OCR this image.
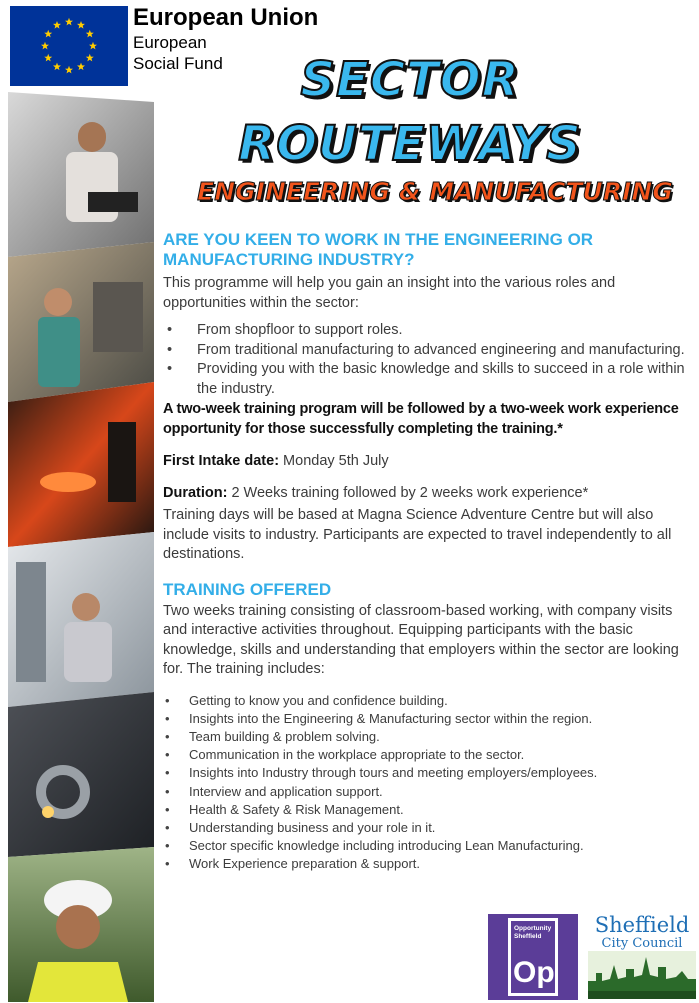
European Union
European
Social Fund	SECTOR
ROUTEWAYS
ENGINEERING & MANUFACTURING
ARE YOU KEEN TO WORK IN THE ENGINEERING OR MANUFACTURING INDUSTRY?
This programme will help you gain an insight into the various roles and opportunities within the sector:
• From shopfloor to support roles.
• From traditional manufacturing to advanced engineering and manufacturing.
• Providing you with the basic knowledge and skills to succeed in a role within the industry.
A two-week training program will be followed by a two-week work experience opportunity for those successfully completing the training.*
First Intake date: Monday 5th July
Duration: 2 Weeks training followed by 2 weeks work experience*
Training days will be based at Magna Science Adventure Centre but will also include visits to industry. Participants are expected to travel independently to all destinations.
TRAINING OFFERED
Two weeks training consisting of classroom-based working, with company visits and interactive activities throughout. Equipping participants with the basic knowledge, skills and understanding that employers within the sector are looking for. The training includes:
• Getting to know you and confidence building.
• Insights into the Engineering & Manufacturing sector within the region.
• Team building & problem solving.
• Communication in the workplace appropriate to the sector.
• Insights into Industry through tours and meeting employers/employees.
• Interview and application support.
• Health & Safety & Risk Management.
• Understanding business and your role in it.
• Sector specific knowledge including introducing Lean Manufacturing.
• Work Experience preparation & support.
Opportunity
Sheffield
Op
Sheffield
City Council
